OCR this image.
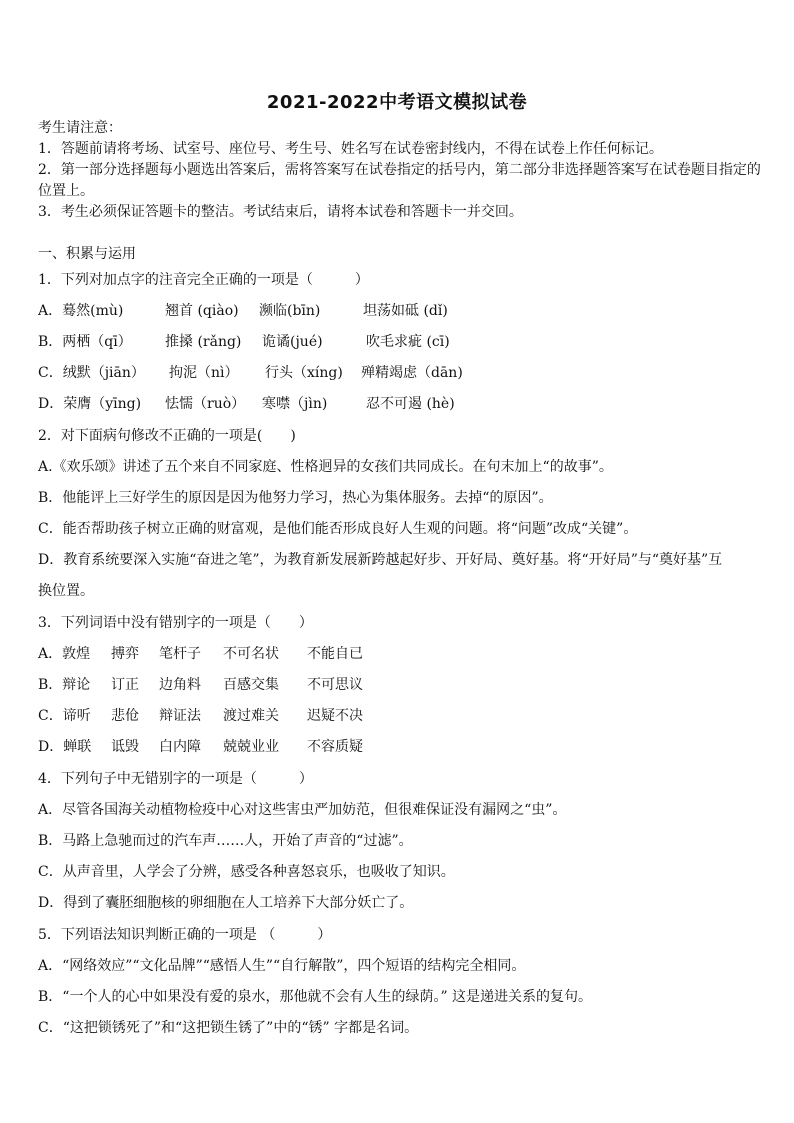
2021-2022中考语文模拟试卷
考生请注意：
1．答题前请将考场、试室号、座位号、考生号、姓名写在试卷密封线内，不得在试卷上作任何标记。
2．第一部分选择题每小题选出答案后，需将答案写在试卷指定的括号内，第二部分非选择题答案写在试卷题目指定的
位置上。
3．考生必须保证答题卡的整洁。考试结束后，请将本试卷和答题卡一并交回。
一、积累与运用
1．下列对加点字的注音完全正确的一项是（　　　）
A．蓦然(mù)	翘首 (qiào) 濒临(bīn)	坦荡如砥 (dǐ)
B．两栖（qī） 推搡 (rǎng) 诡谲(jué)	吹毛求疵 (cī)
C．绒默（jiān） 拘泥（nì） 行头（xíng) 殚精竭虑（dān)
D．荣膺（yīng) 怯懦（ruò） 寒噤（jìn)	忍不可遏 (hè)
2．对下面病句修改不正确的一项是(　　)
A.《欢乐颂》讲述了五个来自不同家庭、性格迥异的女孩们共同成长。在句末加上“的故事”。
B．他能评上三好学生的原因是因为他努力学习，热心为集体服务。去掉“的原因”。
C．能否帮助孩子树立正确的财富观，是他们能否形成良好人生观的问题。将“问题”改成“关键”。
D．教育系统要深入实施“奋进之笔”，为教育新发展新跨越起好步、开好局、奠好基。将“开好局”与“奠好基”互
换位置。
3．下列词语中没有错别字的一项是（　　）
A．敦煌 搏弈 笔杆子 不可名状 不能自已
B．辩论 订正 边角料 百感交集 不可思议
C．谛听 悲伧 辩证法 渡过难关 迟疑不决
D．蝉联 诋毁 白内障 兢兢业业 不容质疑
4．下列句子中无错别字的一项是（　　　）
A．尽管各国海关动植物检疫中心对这些害虫严加妨范，但很难保证没有漏网之“虫”。
B．马路上急驰而过的汽车声……人，开始了声音的“过滤”。
C．从声音里，人学会了分辨，感受各种喜怒哀乐，也吸收了知识。
D．得到了囊胚细胞核的卵细胞在人工培养下大部分妖亡了。
5．下列语法知识判断正确的一项是 （　　　）
A．“网络效应”“文化品牌”“感悟人生”“自行解散”，四个短语的结构完全相同。
B．“一个人的心中如果没有爱的泉水，那他就不会有人生的绿荫。” 这是递进关系的复句。
C．“这把锁锈死了”和“这把锁生锈了”中的“锈” 字都是名词。
